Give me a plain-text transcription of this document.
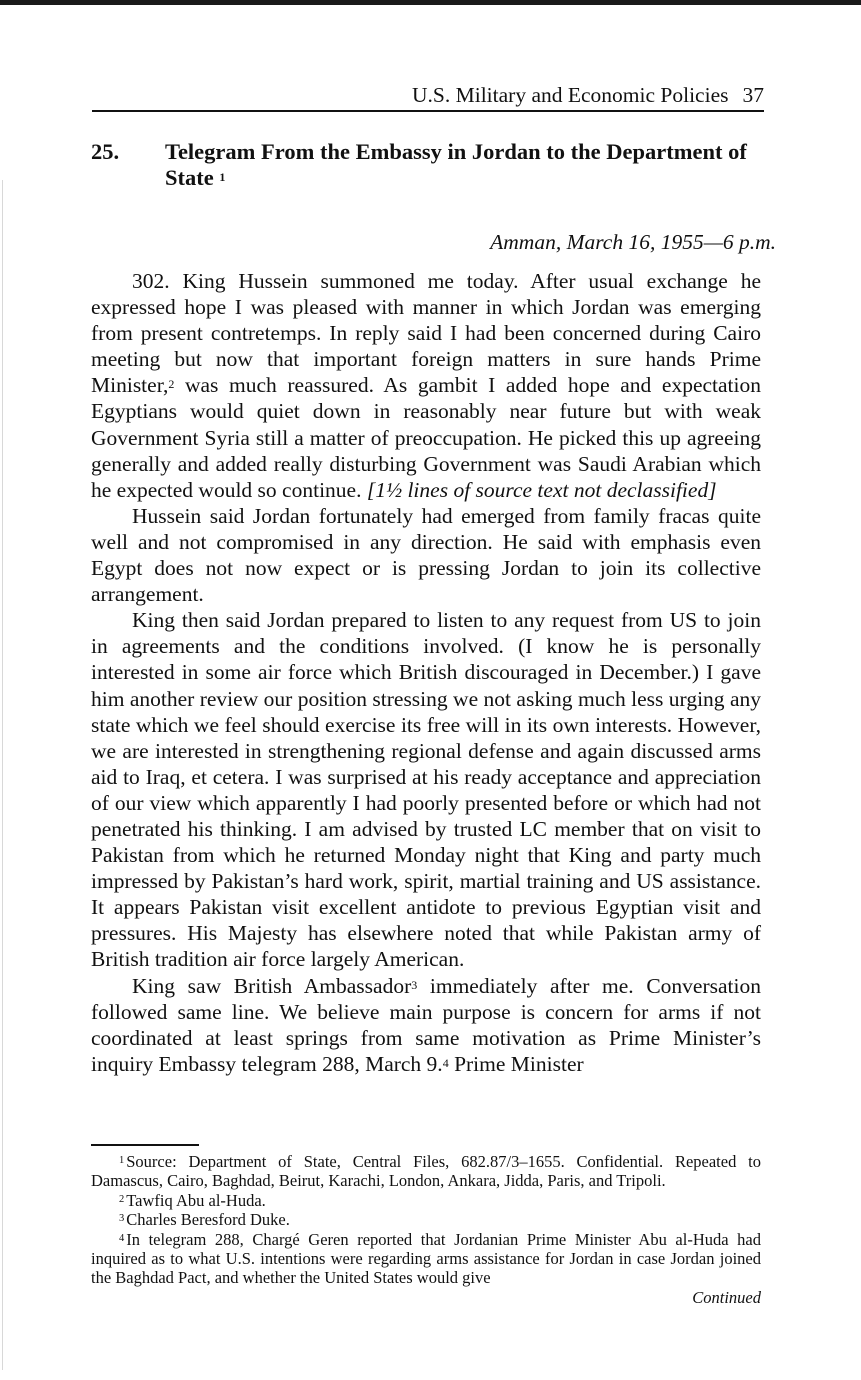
U.S. Military and Economic Policies 37
25. Telegram From the Embassy in Jordan to the Department of State $^1$
Amman, March 16, 1955—6 p.m.

302. King Hussein summoned me today. After usual exchange he expressed hope I was pleased with manner in which Jordan was emerging from present contretemps. In reply said I had been concerned during Cairo meeting but now that important foreign matters in sure hands Prime Minister,$^2$ was much reassured. As gambit I added hope and expectation Egyptians would quiet down in reasonably near future but with weak Government Syria still a matter of preoccupation. He picked this up agreeing generally and added really disturbing Government was Saudi Arabian which he expected would so continue. [1½ lines of source text not declassified]

Hussein said Jordan fortunately had emerged from family fracas quite well and not compromised in any direction. He said with emphasis even Egypt does not now expect or is pressing Jordan to join its collective arrangement.

King then said Jordan prepared to listen to any request from US to join in agreements and the conditions involved. (I know he is personally interested in some air force which British discouraged in December.) I gave him another review our position stressing we not asking much less urging any state which we feel should exercise its free will in its own interests. However, we are interested in strengthening regional defense and again discussed arms aid to Iraq, et cetera. I was surprised at his ready acceptance and appreciation of our view which apparently I had poorly presented before or which had not penetrated his thinking. I am advised by trusted LC member that on visit to Pakistan from which he returned Monday night that King and party much impressed by Pakistan’s hard work, spirit, martial training and US assistance. It appears Pakistan visit excellent antidote to previous Egyptian visit and pressures. His Majesty has elsewhere noted that while Pakistan army of British tradition air force largely American.

King saw British Ambassador$^3$ immediately after me. Conversation followed same line. We believe main purpose is concern for arms if not coordinated at least springs from same motivation as Prime Minister’s inquiry Embassy telegram 288, March 9.$^4$ Prime Minister

$^1$ Source: Department of State, Central Files, 682.87/3–1655. Confidential. Repeated to Damascus, Cairo, Baghdad, Beirut, Karachi, London, Ankara, Jidda, Paris, and Tripoli.

$^2$ Tawfiq Abu al-Huda.

$^3$ Charles Beresford Duke.

$^4$ In telegram 288, Chargé Geren reported that Jordanian Prime Minister Abu al-Huda had inquired as to what U.S. intentions were regarding arms assistance for Jordan in case Jordan joined the Baghdad Pact, and whether the United States would give

Continued
